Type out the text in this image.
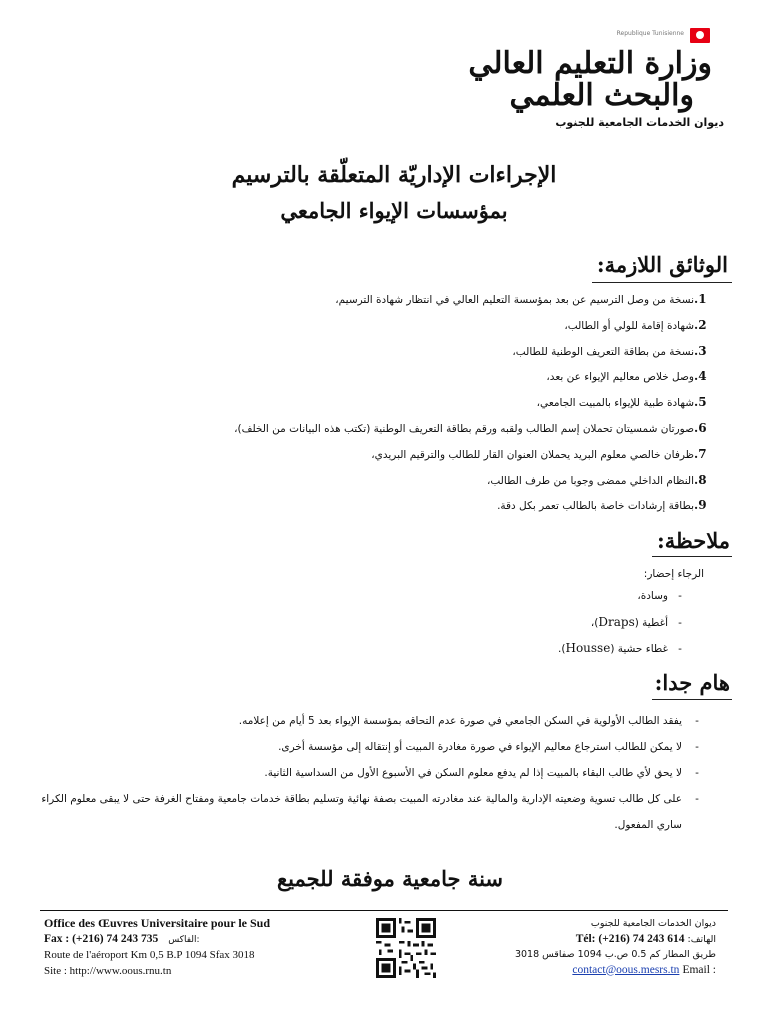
Republique Tunisienne
وزارة التعليم العالي
والبحث العلمي
ديوان الخدمات الجامعية للجنوب
الإجراءات الإداريّة المتعلّقة بالترسيم
بمؤسسات الإيواء الجامعي
الوثائق اللازمة:
1.نسخة من وصل الترسيم عن بعد بمؤسسة التعليم العالي في انتظار شهادة الترسيم،
2.شهادة إقامة للولي أو الطالب،
3.نسخة من بطاقة التعريف الوطنية للطالب،
4.وصل خلاص معاليم الإيواء عن بعد،
5.شهادة طبية للإيواء بالمبيت الجامعي،
6.صورتان شمسيتان تحملان إسم الطالب ولقبه ورقم بطاقة التعريف الوطنية (تكتب هذه البيانات من الخلف)،
7.ظرفان خالصي معلوم البريد يحملان العنوان القار للطالب والترقيم البريدي،
8.النظام الداخلي ممضى وجوبا من طرف الطالب،
9.بطاقة إرشادات خاصة بالطالب تعمر بكل دقة.
ملاحظة:
الرجاء إحضار:
-وسادة،
-أغطية (Draps)،
-غطاء حشية (Housse).
هام جدا:
-
يفقد الطالب الأولوية في السكن الجامعي في صورة عدم التحاقه بمؤسسة الإيواء بعد 5 أيام من إعلامه.
-
لا يمكن للطالب استرجاع معاليم الإيواء في صورة مغادرة المبيت أو إنتقاله إلى مؤسسة أخرى.
-
لا يحق لأي طالب البقاء بالمبيت إذا لم يدفع معلوم السكن في الأسبوع الأول من السداسية الثانية.
-
على كل طالب تسوية وضعيته الإدارية والمالية عند مغادرته المبيت بصفة نهائية وتسليم بطاقة خدمات جامعية ومفتاح الغرفة حتى لا يبقى معلوم الكراء ساري المفعول.
سنة جامعية موفقة للجميع
Office des Œuvres Universitaire pour le Sud
Fax : (+216) 74 243 735 الفاكس:
Route de l'aéroport Km 0,5 B.P 1094 Sfax 3018
Site : http://www.oous.rnu.tn
ديوان الخدمات الجامعية للجنوب
الهاتف: Tél: (+216) 74 243 614
طريق المطار كم 0.5 ص.ب 1094 صفاقس 3018
contact@oous.mesrs.tn Email :
